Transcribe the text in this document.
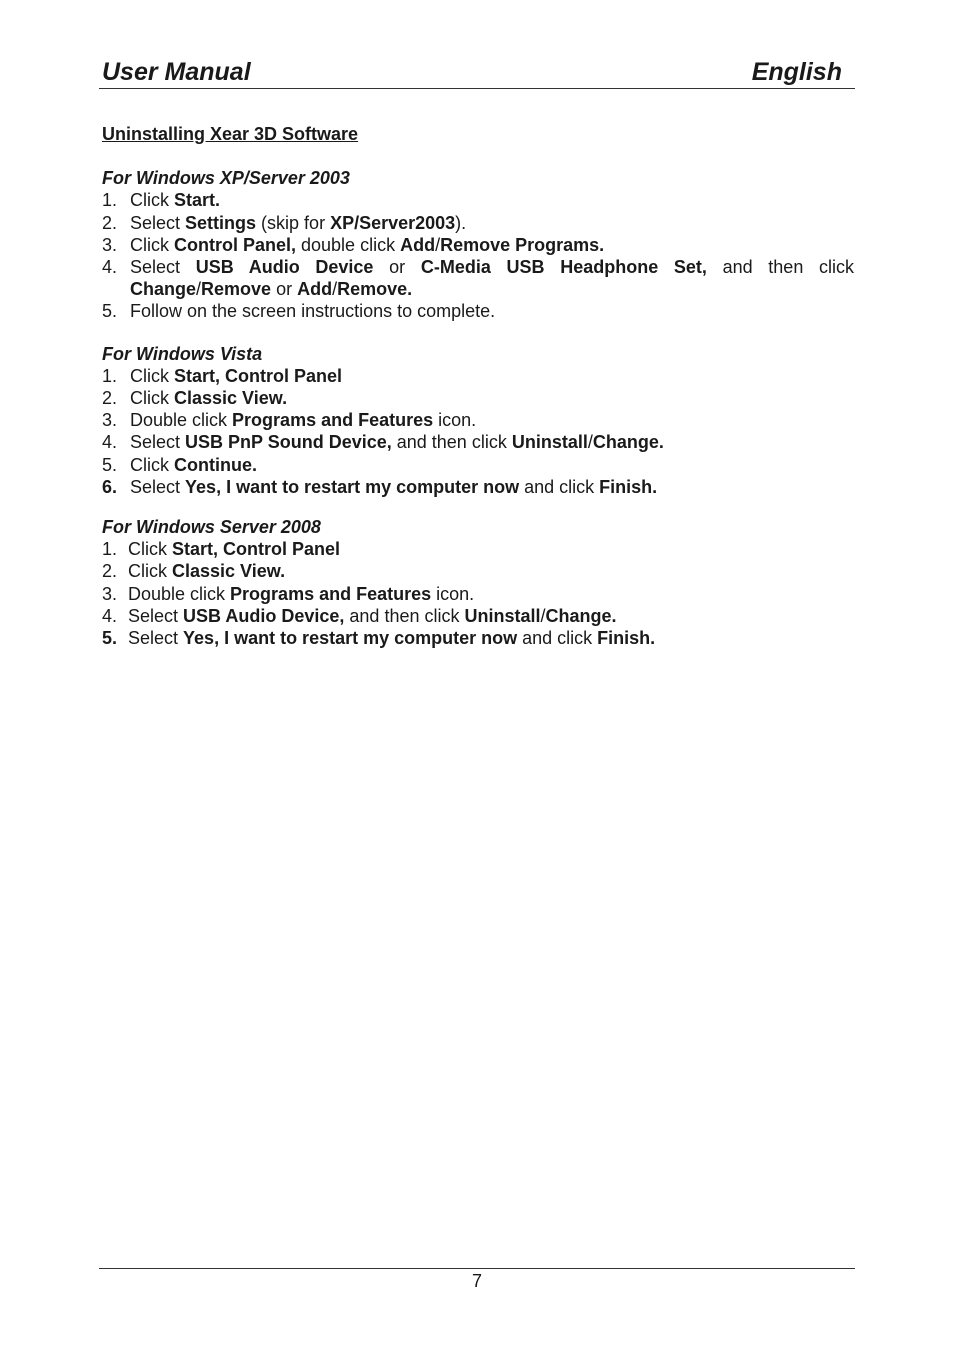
User Manual	English

Uninstalling Xear 3D Software

For Windows XP/Server 2003

1. Click Start.
2. Select Settings (skip for XP/Server2003).
3. Click Control Panel, double click Add/Remove Programs.
4. Select USB Audio Device or C-Media USB Headphone Set, and then click
Change/Remove or Add/Remove.
5. Follow on the screen instructions to complete.

For Windows Vista

1. Click Start, Control Panel
2. Click Classic View.
3. Double click Programs and Features icon.
4. Select USB PnP Sound Device, and then click Uninstall/Change.
5. Click Continue.
6. Select Yes, I want to restart my computer now and click Finish.

For Windows Server 2008

1. Click Start, Control Panel
2. Click Classic View.
3. Double click Programs and Features icon.
4. Select USB Audio Device, and then click Uninstall/Change.
5. Select Yes, I want to restart my computer now and click Finish.
7
